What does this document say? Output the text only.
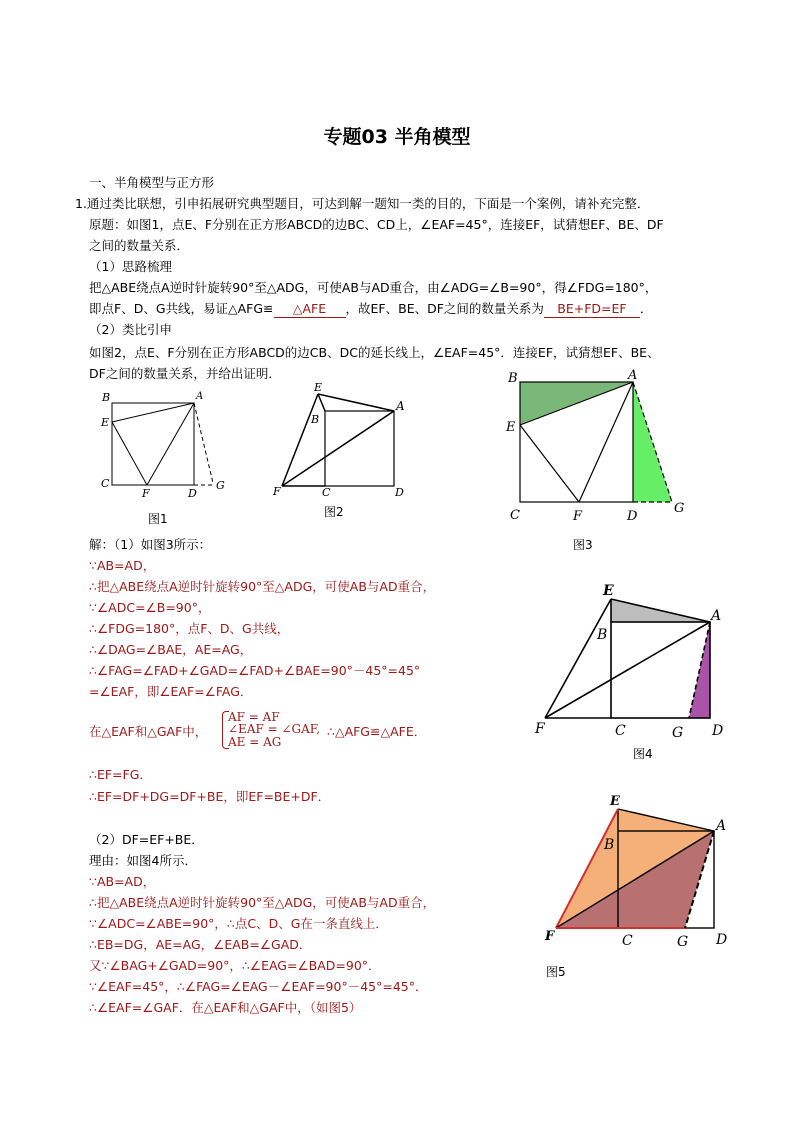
专题03 半角模型
一、半角模型与正方形
1.通过类比联想，引申拓展研究典型题目，可达到解一题知一类的目的，下面是一个案例，请补充完整．
原题：如图1，点E、F分别在正方形ABCD的边BC、CD上，∠EAF=45°，连接EF，试猜想EF、BE、DF
之间的数量关系．
（1）思路梳理
把△ABE绕点A逆时针旋转90°至△ADG，可使AB与AD重合，由∠ADG=∠B=90°，得∠FDG=180°，
即点F、D、G共线，易证△AFG≌ △AFE ，故EF、BE、DF之间的数量关系为 BE+FD=EF ．
（2）类比引申
如图2，点E、F分别在正方形ABCD的边CB、DC的延长线上，∠EAF=45°．连接EF，试猜想EF、BE、
DF之间的数量关系，并给出证明．
B	A
E
C
F	D
G
图1
E
B
A
F	C	D
图2
B	A
E
C	F	D
G
图3
解：（1）如图3所示：
∵AB=AD，
∴把△ABE绕点A逆时针旋转90°至△ADG，可使AB与AD重合，
∵∠ADC=∠B=90°，
∴∠FDG=180°，点F、D、G共线，
∴∠DAG=∠BAE，AE=AG，
∴∠FAG=∠FAD+∠GAD=∠FAD+∠BAE=90°－45°=45°
=∠EAF，即∠EAF=∠FAG．
在△EAF和△GAF中，
AF = AF
∠EAF = ∠GAF,
AE = AG
∴△AFG≌△AFE．
∴EF=FG．
∴EF=DF+DG=DF+BE，即EF=BE+DF．
E
A
B
F	C	G D
图4
（2）DF=EF+BE．
理由：如图4所示．
∵AB=AD，
∴把△ABE绕点A逆时针旋转90°至△ADG，可使AB与AD重合，
∵∠ADC=∠ABE=90°，∴点C、D、G在一条直线上．
∴EB=DG，AE=AG，∠EAB=∠GAD．
又∵∠BAG+∠GAD=90°，∴∠EAG=∠BAD=90°．
∵∠EAF=45°，∴∠FAG=∠EAG－∠EAF=90°－45°=45°．
∴∠EAF=∠GAF．在△EAF和△GAF中，（如图5）
E
A
B
F	C	G D
图5
